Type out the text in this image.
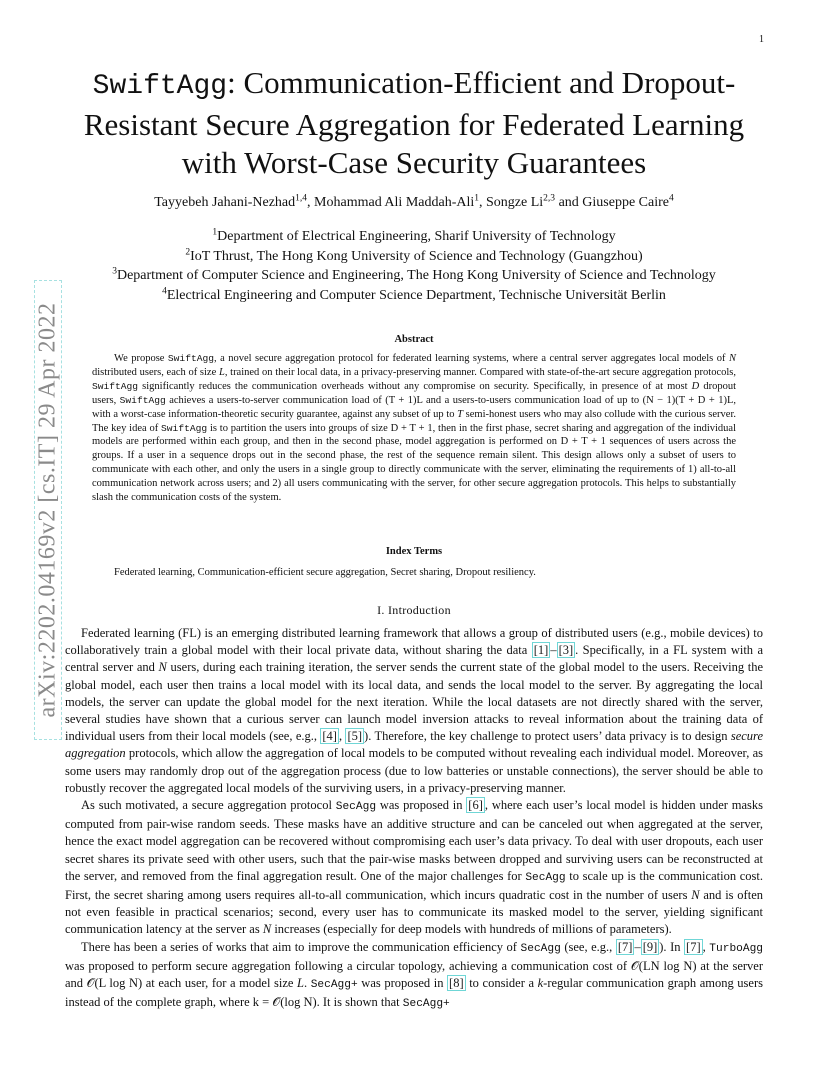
1
arXiv:2202.04169v2 [cs.IT] 29 Apr 2022
SwiftAgg: Communication-Efficient and Dropout-Resistant Secure Aggregation for Federated Learning with Worst-Case Security Guarantees
Tayyebeh Jahani-Nezhad$^{1,4}$, Mohammad Ali Maddah-Ali$^1$, Songze Li$^{2,3}$ and Giuseppe Caire$^4$
$^1$Department of Electrical Engineering, Sharif University of Technology
$^2$IoT Thrust, The Hong Kong University of Science and Technology (Guangzhou)
$^3$Department of Computer Science and Engineering, The Hong Kong University of Science and Technology
$^4$Electrical Engineering and Computer Science Department, Technische Universität Berlin
Abstract
We propose SwiftAgg, a novel secure aggregation protocol for federated learning systems, where a central server aggregates local models of N distributed users, each of size L, trained on their local data, in a privacy-preserving manner. Compared with state-of-the-art secure aggregation protocols, SwiftAgg significantly reduces the communication overheads without any compromise on security. Specifically, in presence of at most D dropout users, SwiftAgg achieves a users-to-server communication load of (T + 1)L and a users-to-users communication load of up to (N − 1)(T + D + 1)L, with a worst-case information-theoretic security guarantee, against any subset of up to T semi-honest users who may also collude with the curious server. The key idea of SwiftAgg is to partition the users into groups of size D + T + 1, then in the first phase, secret sharing and aggregation of the individual models are performed within each group, and then in the second phase, model aggregation is performed on D + T + 1 sequences of users across the groups. If a user in a sequence drops out in the second phase, the rest of the sequence remain silent. This design allows only a subset of users to communicate with each other, and only the users in a single group to directly communicate with the server, eliminating the requirements of 1) all-to-all communication network across users; and 2) all users communicating with the server, for other secure aggregation protocols. This helps to substantially slash the communication costs of the system.
Index Terms
Federated learning, Communication-efficient secure aggregation, Secret sharing, Dropout resiliency.
I. Introduction

Federated learning (FL) is an emerging distributed learning framework that allows a group of distributed users (e.g., mobile devices) to collaboratively train a global model with their local private data, without sharing the data [1] – [3] . Specifically, in a FL system with a central server and N users, during each training iteration, the server sends the current state of the global model to the users. Receiving the global model, each user then trains a local model with its local data, and sends the local model to the server. By aggregating the local models, the server can update the global model for the next iteration. While the local datasets are not directly shared with the server, several studies have shown that a curious server can launch model inversion attacks to reveal information about the training data of individual users from their local models (see, e.g., [4] , [5] ). Therefore, the key challenge to protect users’ data privacy is to design secure aggregation protocols, which allow the aggregation of local models to be computed without revealing each individual model. Moreover, as some users may randomly drop out of the aggregation process (due to low batteries or unstable connections), the server should be able to robustly recover the aggregated local models of the surviving users, in a privacy-preserving manner.

As such motivated, a secure aggregation protocol SecAgg was proposed in [6] , where each user’s local model is hidden under masks computed from pair-wise random seeds. These masks have an additive structure and can be canceled out when aggregated at the server, hence the exact model aggregation can be recovered without compromising each user’s data privacy. To deal with user dropouts, each user secret shares its private seed with other users, such that the pair-wise masks between dropped and surviving users can be reconstructed at the server, and removed from the final aggregation result. One of the major challenges for SecAgg to scale up is the communication cost. First, the secret sharing among users requires all-to-all communication, which incurs quadratic cost in the number of users N and is often not even feasible in practical scenarios; second, every user has to communicate its masked model to the server, yielding significant communication latency at the server as N increases (especially for deep models with hundreds of millions of parameters).

There has been a series of works that aim to improve the communication efficiency of SecAgg (see, e.g., [7] – [9] ). In [7] , TurboAgg was proposed to perform secure aggregation following a circular topology, achieving a communication cost of 𝒪(LN log N) at the server and 𝒪(L log N) at each user, for a model size L. SecAgg+ was proposed in [8] to consider a k-regular communication graph among users instead of the complete graph, where k = 𝒪(log N). It is shown that SecAgg+
